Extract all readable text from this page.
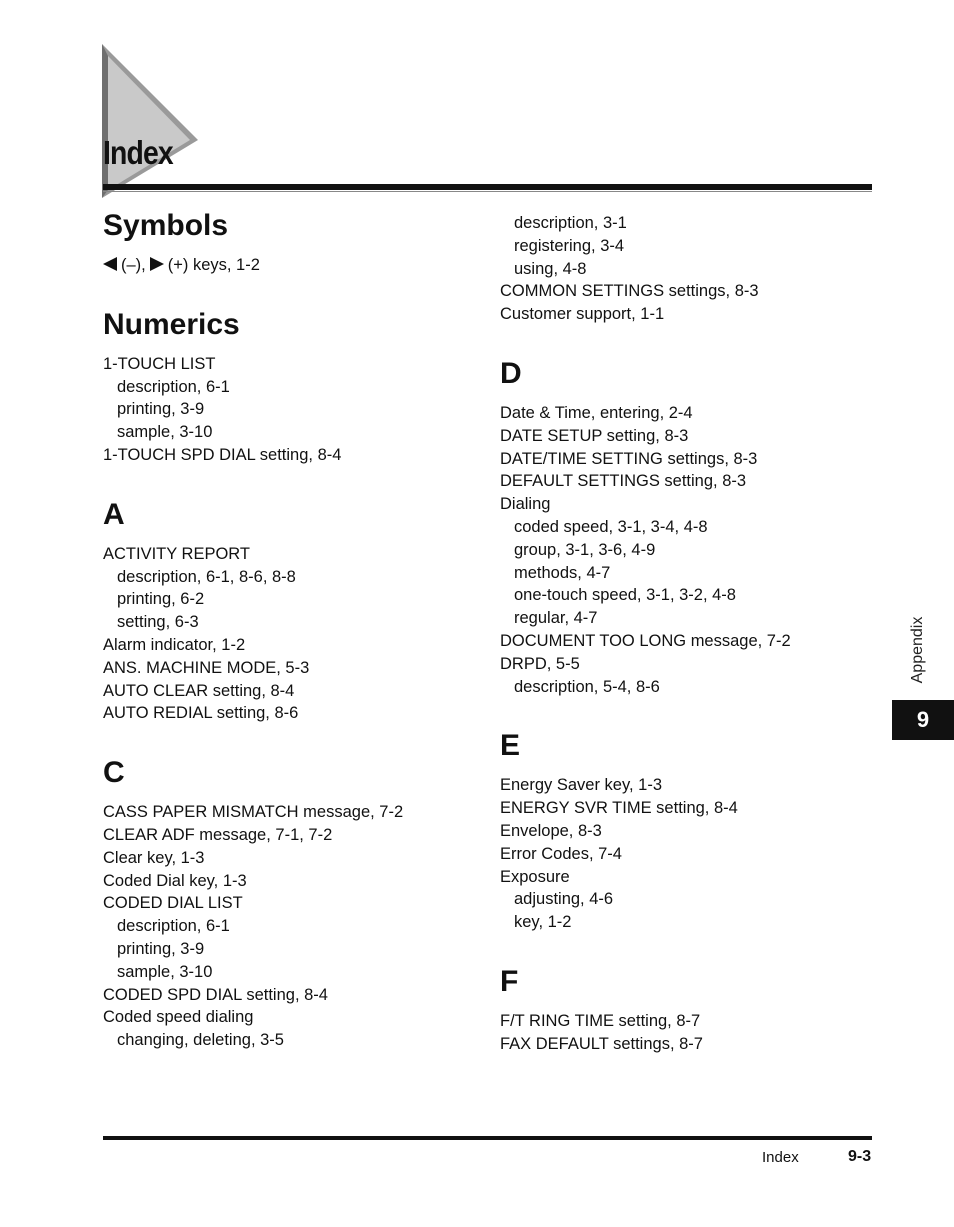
Index
Symbols
(–), (+) keys, 1-2
Numerics
1-TOUCH LIST
description, 6-1
printing, 3-9
sample, 3-10
1-TOUCH SPD DIAL setting, 8-4
A
ACTIVITY REPORT
description, 6-1, 8-6, 8-8
printing, 6-2
setting, 6-3
Alarm indicator, 1-2
ANS. MACHINE MODE, 5-3
AUTO CLEAR setting, 8-4
AUTO REDIAL setting, 8-6
C
CASS PAPER MISMATCH message, 7-2
CLEAR ADF message, 7-1, 7-2
Clear key, 1-3
Coded Dial key, 1-3
CODED DIAL LIST
description, 6-1
printing, 3-9
sample, 3-10
CODED SPD DIAL setting, 8-4
Coded speed dialing
changing, deleting, 3-5
description, 3-1
registering, 3-4
using, 4-8
COMMON SETTINGS settings, 8-3
Customer support, 1-1
D
Date & Time, entering, 2-4
DATE SETUP setting, 8-3
DATE/TIME SETTING settings, 8-3
DEFAULT SETTINGS setting, 8-3
Dialing
coded speed, 3-1, 3-4, 4-8
group, 3-1, 3-6, 4-9
methods, 4-7
one-touch speed, 3-1, 3-2, 4-8
regular, 4-7
DOCUMENT TOO LONG message, 7-2
DRPD, 5-5
description, 5-4, 8-6
E
Energy Saver key, 1-3
ENERGY SVR TIME setting, 8-4
Envelope, 8-3
Error Codes, 7-4
Exposure
adjusting, 4-6
key, 1-2
F
F/T RING TIME setting, 8-7
FAX DEFAULT settings, 8-7
Appendix
9
Index	9-3
